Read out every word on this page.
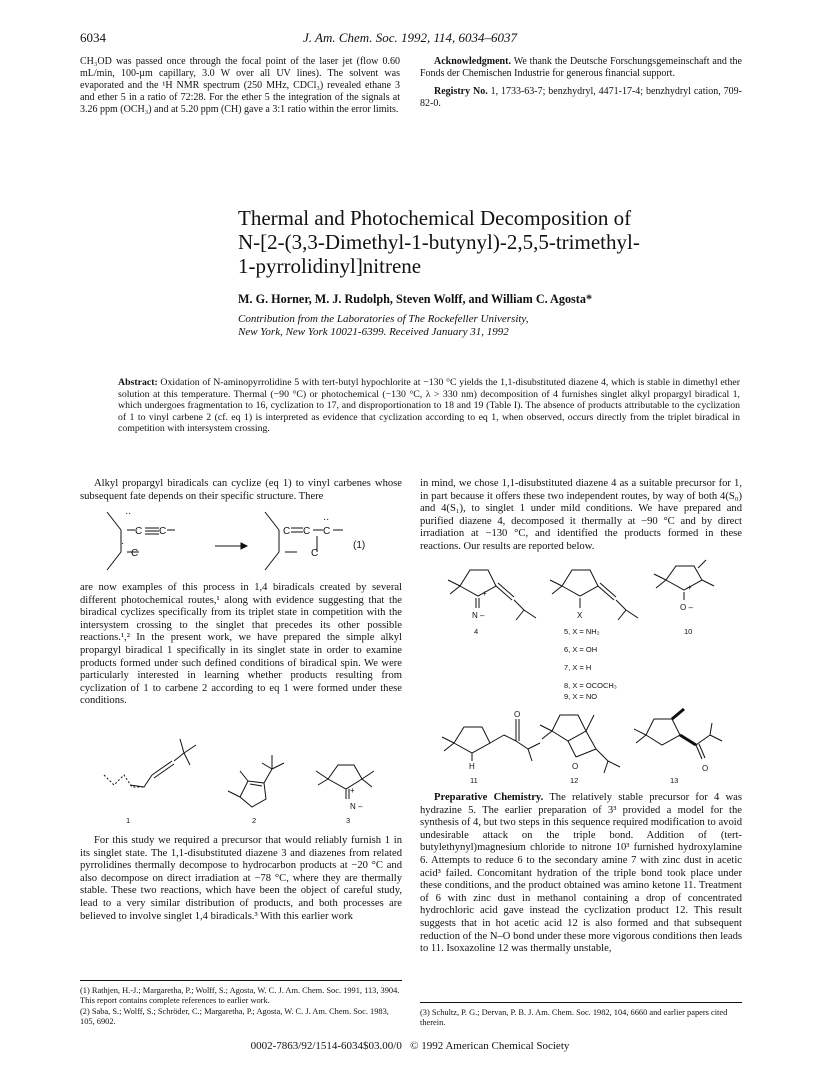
6034	J. Am. Chem. Soc. 1992, 114, 6034–6037

CH₃OD was passed once through the focal point of the laser jet (flow 0.60 mL/min, 100-µm capillary, 3.0 W over all UV lines). The solvent was evaporated and the ¹H NMR spectrum (250 MHz, CDCl₃) revealed ethane 3 and ether 5 in a ratio of 72:28. For the ether 5 the integration of the signals at 3.26 ppm (OCH₃) and at 5.20 ppm (CH) gave a 3:1 ratio within the error limits.

Acknowledgment. We thank the Deutsche Forschungsgemeinschaft and the Fonds der Chemischen Industrie for generous financial support.

Registry No. 1, 1733-63-7; benzhydryl, 4471-17-4; benzhydryl cation, 709-82-0.

Thermal and Photochemical Decomposition of
N-[2-(3,3-Dimethyl-1-butynyl)-2,5,5-trimethyl-
1-pyrrolidinyl]nitrene
M. G. Horner, M. J. Rudolph, Steven Wolff, and William C. Agosta*
Contribution from the Laboratories of The Rockefeller University,
New York, New York 10021-6399. Received January 31, 1992
Abstract: Oxidation of N-aminopyrrolidine 5 with tert-butyl hypochlorite at −130 °C yields the 1,1-disubstituted diazene 4, which is stable in dimethyl ether solution at this temperature. Thermal (−90 °C) or photochemical (−130 °C, λ > 330 nm) decomposition of 4 furnishes singlet alkyl propargyl biradical 1, which undergoes fragmentation to 16, cyclization to 17, and disproportionation to 18 and 19 (Table I). The absence of products attributable to the cyclization of 1 to vinyl carbene 2 (cf. eq 1) is interpreted as evidence that cyclization according to eq 1, when observed, occurs directly from the triplet biradical in competition with intersystem crossing.

Alkyl propargyl biradicals can cyclize (eq 1) to vinyl carbenes whose subsequent fate depends on their specific structure. There

· ·
C C
·
C
C C C
· ·
C
(1)

are now examples of this process in 1,4 biradicals created by several different photochemical routes,¹ along with evidence suggesting that the biradical cyclizes specifically from its triplet state in competition with the intersystem crossing to the singlet that precedes its other possible reactions.¹,² In the present work, we have prepared the simple alkyl propargyl biradical 1 specifically in its singlet state in order to examine products formed under such defined conditions of biradical spin. We were particularly interested in learning whether products resulting from cyclization of 1 to carbene 2 according to eq 1 were formed under these conditions.

+
N –
1	2	3

For this study we required a precursor that would reliably furnish 1 in its singlet state. The 1,1-disubstituted diazene 3 and diazenes from related pyrrolidines thermally decompose to hydrocarbon products at −20 °C and also decompose on direct irradiation at −78 °C, where they are thermally stable. These two reactions, which have been the object of careful study, lead to a very similar distribution of products, and both processes are believed to involve singlet 1,4 biradicals.³ With this earlier work

(1) Rathjen, H.-J.; Margaretha, P.; Wolff, S.; Agosta, W. C. J. Am. Chem. Soc. 1991, 113, 3904. This report contains complete references to earlier work.

(2) Saba, S.; Wolff, S.; Schröder, C.; Margaretha, P.; Agosta, W. C. J. Am. Chem. Soc. 1983, 105, 6902.

in mind, we chose 1,1-disubstituted diazene 4 as a suitable precursor for 1, in part because it offers these two independent routes, by way of both 4(S₀) and 4(S₁), to singlet 1 under mild conditions. We have prepared and purified diazene 4, decomposed it thermally at −90 °C and by direct irradiation at −130 °C, and identified the products formed in these reactions. Our results are reported below.

+
N –	X
+
O –
4	5, X = NH₂
6, X = OH
7, X = H
8, X = OCOCH₃
10
9, X = NO
O
H	O	O
11	12	13

Preparative Chemistry. The relatively stable precursor for 4 was hydrazine 5. The earlier preparation of 3³ provided a model for the synthesis of 4, but two steps in this sequence required modification to avoid undesirable attack on the triple bond. Addition of (tert-butylethynyl)magnesium chloride to nitrone 10³ furnished hydroxylamine 6. Attempts to reduce 6 to the secondary amine 7 with zinc dust in acetic acid³ failed. Concomitant hydration of the triple bond took place under these conditions, and the product obtained was amino ketone 11. Treatment of 6 with zinc dust in methanol containing a drop of concentrated hydrochloric acid gave instead the cyclization product 12. This result suggests that in hot acetic acid 12 is also formed and that subsequent reduction of the N–O bond under these more vigorous conditions then leads to 11. Isoxazoline 12 was thermally unstable,

(3) Schultz, P. G.; Dervan, P. B. J. Am. Chem. Soc. 1982, 104, 6660 and earlier papers cited therein.

0002-7863/92/1514-6034$03.00/0 © 1992 American Chemical Society
